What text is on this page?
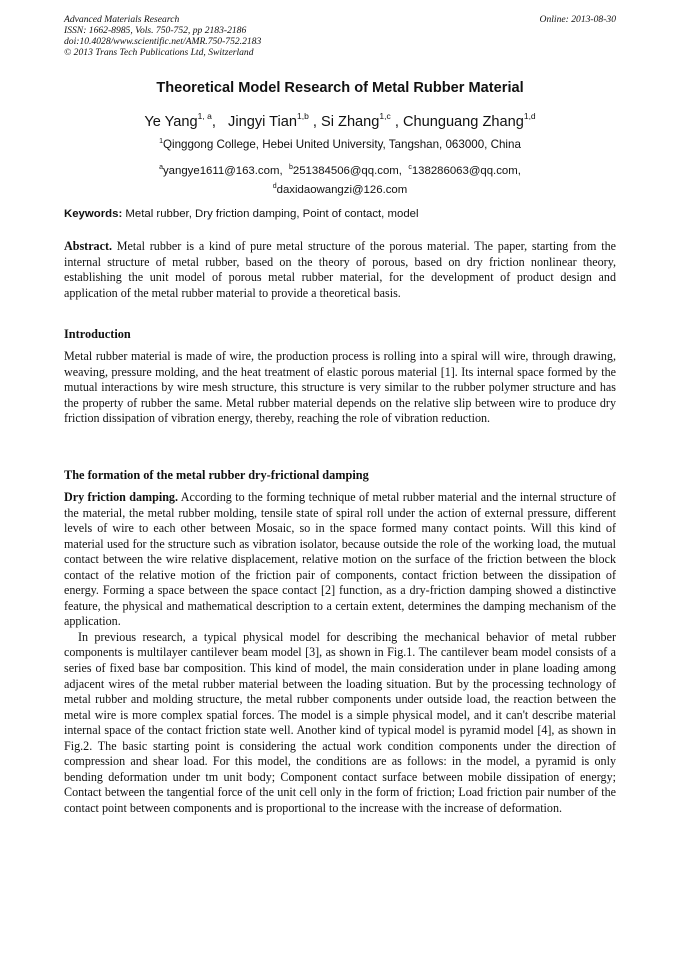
Advanced Materials Research
ISSN: 1662-8985, Vols. 750-752, pp 2183-2186
doi:10.4028/www.scientific.net/AMR.750-752.2183
© 2013 Trans Tech Publications Ltd, Switzerland
Online: 2013-08-30
Theoretical Model Research of Metal Rubber Material
Ye Yang$^{1, a}$,   Jingyi Tian$^{1,b}$ , Si Zhang$^{1,c}$ , Chunguang Zhang$^{1,d}$
$^1$Qinggong College, Hebei United University, Tangshan, 063000, China
$^a$yangye1611@163.com, $^b$251384506@qq.com, $^c$138286063@qq.com,
$^d$daxidaowangzi@126.com
Keywords: Metal rubber, Dry friction damping, Point of contact, model
Abstract. Metal rubber is a kind of pure metal structure of the porous material. The paper, starting from the internal structure of metal rubber, based on the theory of porous, based on dry friction nonlinear theory, establishing the unit model of porous metal rubber material, for the development of product design and application of the metal rubber material to provide a theoretical basis.
Introduction
Metal rubber material is made of wire, the production process is rolling into a spiral will wire, through drawing, weaving, pressure molding, and the heat treatment of elastic porous material [1]. Its internal space formed by the mutual interactions by wire mesh structure, this structure is very similar to the rubber polymer structure and has the property of rubber the same. Metal rubber material depends on the relative slip between wire to produce dry friction dissipation of vibration energy, thereby, reaching the role of vibration reduction.
The formation of the metal rubber dry-frictional damping
Dry friction damping. According to the forming technique of metal rubber material and the internal structure of the material, the metal rubber molding, tensile state of spiral roll under the action of external pressure, different levels of wire to each other between Mosaic, so in the space formed many contact points. Will this kind of material used for the structure such as vibration isolator, because outside the role of the working load, the mutual contact between the wire relative displacement, relative motion on the surface of the friction between the block contact of the relative motion of the friction pair of components, contact friction between the dissipation of energy. Forming a space between the space contact [2] function, as a dry-friction damping showed a distinctive feature, the physical and mathematical description to a certain extent, determines the damping mechanism of the application.
In previous research, a typical physical model for describing the mechanical behavior of metal rubber components is multilayer cantilever beam model [3], as shown in Fig.1. The cantilever beam model consists of a series of fixed base bar composition. This kind of model, the main consideration under in plane loading among adjacent wires of the metal rubber material between the loading situation. But by the processing technology of metal rubber and molding structure, the metal rubber components under outside load, the reaction between the metal wire is more complex spatial forces. The model is a simple physical model, and it can't describe material internal space of the contact friction state well. Another kind of typical model is pyramid model [4], as shown in Fig.2. The basic starting point is considering the actual work condition components under the direction of compression and shear load. For this model, the conditions are as follows: in the model, a pyramid is only bending deformation under tm unit body; Component contact surface between mobile dissipation of energy; Contact between the tangential force of the unit cell only in the form of friction; Load friction pair number of the contact point between components and is proportional to the increase with the increase of deformation.
